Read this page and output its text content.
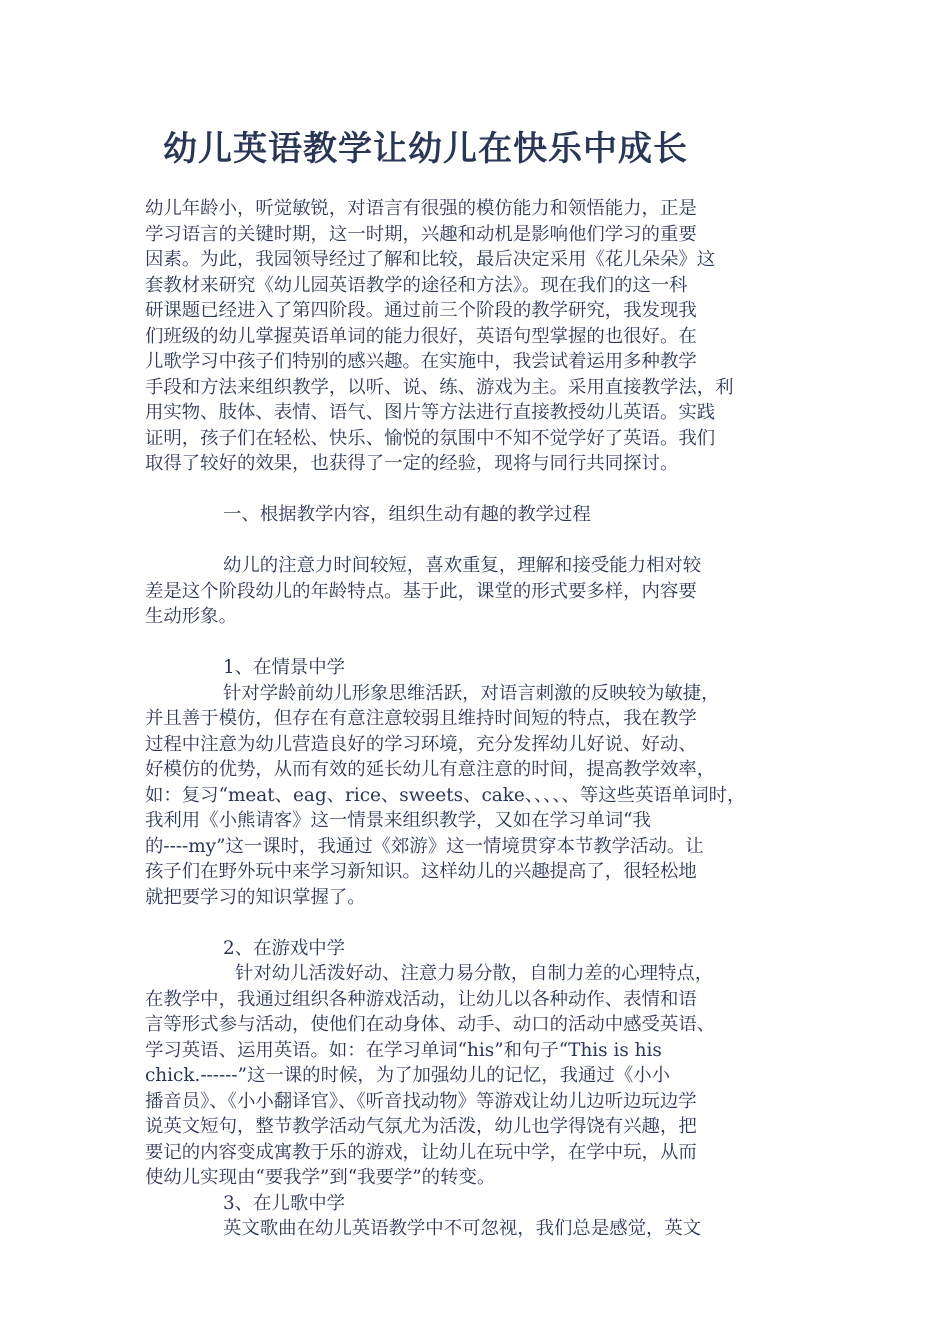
幼儿英语教学让幼儿在快乐中成长
幼儿年龄小，听觉敏锐，对语言有很强的模仿能力和领悟能力，正是
学习语言的关键时期，这一时期，兴趣和动机是影响他们学习的重要
因素。为此，我园领导经过了解和比较，最后决定采用《花儿朵朵》这
套教材来研究《幼儿园英语教学的途径和方法》。现在我们的这一科
研课题已经进入了第四阶段。通过前三个阶段的教学研究，我发现我
们班级的幼儿掌握英语单词的能力很好，英语句型掌握的也很好。在
儿歌学习中孩子们特别的感兴趣。在实施中，我尝试着运用多种教学
手段和方法来组织教学，以听、说、练、游戏为主。采用直接教学法，利
用实物、肢体、表情、语气、图片等方法进行直接教授幼儿英语。实践
证明，孩子们在轻松、快乐、愉悦的氛围中不知不觉学好了英语。我们
取得了较好的效果，也获得了一定的经验，现将与同行共同探讨。
一、根据教学内容，组织生动有趣的教学过程
幼儿的注意力时间较短，喜欢重复，理解和接受能力相对较
差是这个阶段幼儿的年龄特点。基于此，课堂的形式要多样，内容要
生动形象。
1、在情景中学
针对学龄前幼儿形象思维活跃，对语言刺激的反映较为敏捷，
并且善于模仿，但存在有意注意较弱且维持时间短的特点，我在教学
过程中注意为幼儿营造良好的学习环境，充分发挥幼儿好说、好动、
好模仿的优势，从而有效的延长幼儿有意注意的时间，提高教学效率，
如：复习“meat、eag、rice、sweets、cake、、、、、等这些英语单词时，
我利用《小熊请客》这一情景来组织教学，又如在学习单词“我
的----my”这一课时，我通过《郊游》这一情境贯穿本节教学活动。让
孩子们在野外玩中来学习新知识。这样幼儿的兴趣提高了，很轻松地
就把要学习的知识掌握了。
2、在游戏中学
针对幼儿活泼好动、注意力易分散，自制力差的心理特点，
在教学中，我通过组织各种游戏活动，让幼儿以各种动作、表情和语
言等形式参与活动，使他们在动身体、动手、动口的活动中感受英语、
学习英语、运用英语。如：在学习单词“his”和句子“This is his
chick.------”这一课的时候，为了加强幼儿的记忆，我通过《小小
播音员》、《小小翻译官》、《听音找动物》等游戏让幼儿边听边玩边学
说英文短句，整节教学活动气氛尤为活泼，幼儿也学得饶有兴趣，把
要记的内容变成寓教于乐的游戏，让幼儿在玩中学，在学中玩，从而
使幼儿实现由“要我学”到“我要学”的转变。
3、在儿歌中学
英文歌曲在幼儿英语教学中不可忽视，我们总是感觉，英文
